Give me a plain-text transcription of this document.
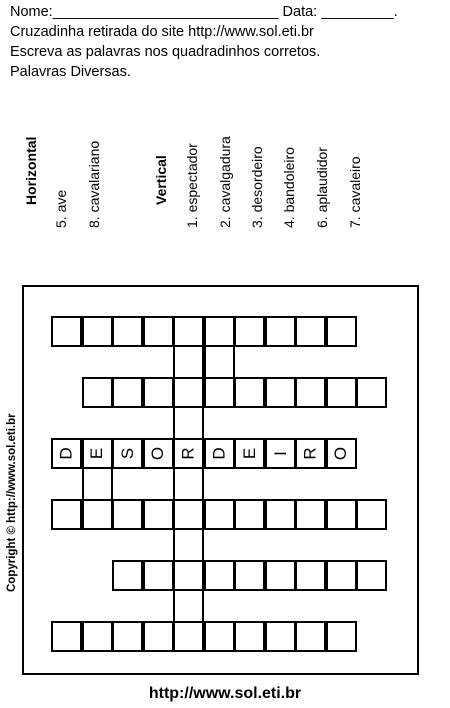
Nome:____________________________ Data: _________.
Cruzadinha retirada do site http://www.sol.eti.br
Escreva as palavras nos quadradinhos corretos.
Palavras Diversas.
Horizontal
5. ave 8. cavalariano	Vertical 1. espectador 2. cavalgadura 3. desordeiro 4. bandoleiro 6. aplaudidor 7. cavaleiro
D E S O R D E I R O
Copyright © http://www.sol.eti.br
http://www.sol.eti.br
